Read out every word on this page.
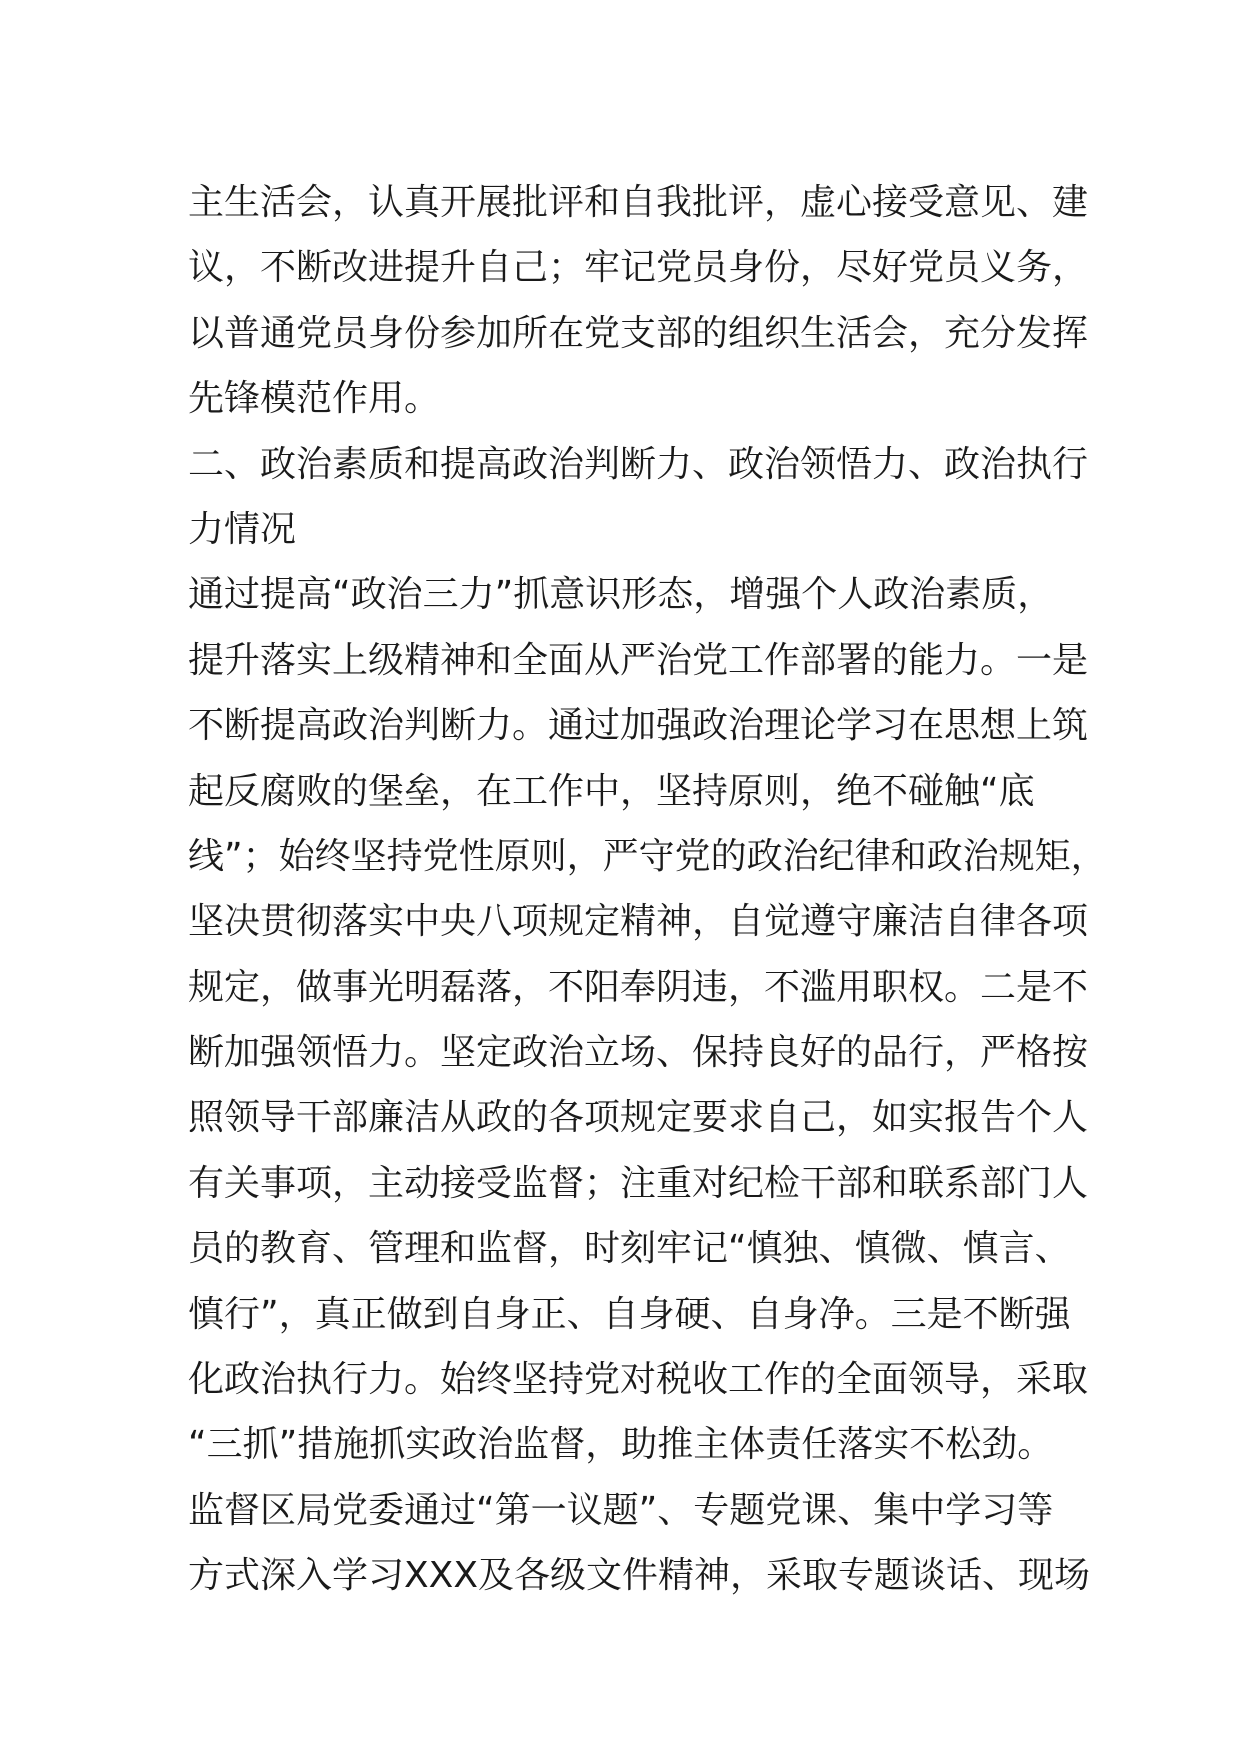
主生活会，认真开展批评和自我批评，虚心接受意见、建

议，不断改进提升自己；牢记党员身份，尽好党员义务，

以普通党员身份参加所在党支部的组织生活会，充分发挥

先锋模范作用。

二、政治素质和提高政治判断力、政治领悟力、政治执行

力情况

通过提高“政治三力”抓意识形态，增强个人政治素质，

提升落实上级精神和全面从严治党工作部署的能力。一是

不断提高政治判断力。通过加强政治理论学习在思想上筑

起反腐败的堡垒，在工作中，坚持原则，绝不碰触“底

线”；始终坚持党性原则，严守党的政治纪律和政治规矩，

坚决贯彻落实中央八项规定精神，自觉遵守廉洁自律各项

规定，做事光明磊落，不阳奉阴违，不滥用职权。二是不

断加强领悟力。坚定政治立场、保持良好的品行，严格按

照领导干部廉洁从政的各项规定要求自己，如实报告个人

有关事项，主动接受监督；注重对纪检干部和联系部门人

员的教育、管理和监督，时刻牢记“慎独、慎微、慎言、

慎行”，真正做到自身正、自身硬、自身净。三是不断强

化政治执行力。始终坚持党对税收工作的全面领导，采取

“三抓”措施抓实政治监督，助推主体责任落实不松劲。

监督区局党委通过“第一议题”、专题党课、集中学习等

方式深入学习XXX及各级文件精神，采取专题谈话、现场
